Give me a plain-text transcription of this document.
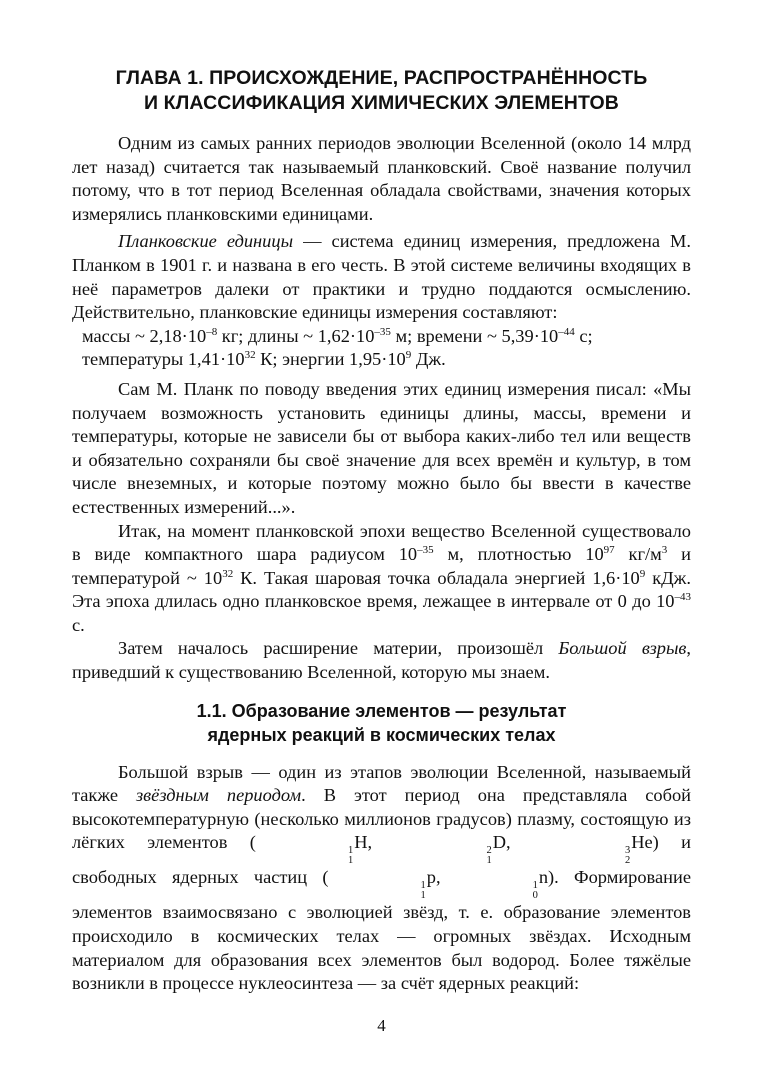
ГЛАВА 1. ПРОИСХОЖДЕНИЕ, РАСПРОСТРАНЁННОСТЬ
И КЛАССИФИКАЦИЯ ХИМИЧЕСКИХ ЭЛЕМЕНТОВ

Одним из самых ранних периодов эволюции Вселенной (около 14 млрд лет назад) считается так называемый планковский. Своё название получил потому, что в тот период Вселенная обладала свойствами, значения которых измерялись планковскими единицами.

Планковские единицы — система единиц измерения, предложена М. Планком в 1901 г. и названа в его честь. В этой системе величины входящих в неё параметров далеки от практики и трудно поддаются осмыслению. Действительно, планковские единицы измерения составляют:

массы ~ $2,18\cdot 10^{-8}$ кг; длины ~ $1,62\cdot 10^{-35}$ м; времени ~ $5,39\cdot 10^{-44}$ с;
температуры $1,41\cdot 10^{32}$ К; энергии $1,95\cdot 10^9$ Дж.

Сам М. Планк по поводу введения этих единиц измерения писал: «Мы получаем возможность установить единицы длины, массы, времени и температуры, которые не зависели бы от выбора каких-либо тел или веществ и обязательно сохраняли бы своё значение для всех времён и культур, в том числе внеземных, и которые поэтому можно было бы ввести в качестве естественных измерений...».

Итак, на момент планковской эпохи вещество Вселенной существовало в виде компактного шара радиусом $10^{-35}$ м, плотностью $10^{97}$ $кг/м^3$ и температурой ~ $10^{32}$ К. Такая шаровая точка обладала энергией $1,6\cdot 10^9$ кДж. Эта эпоха длилась одно планковское время, лежащее в интервале от 0 до $10^{-43}$ с.

Затем началось расширение материи, произошёл Большой взрыв, приведший к существованию Вселенной, которую мы знаем.

1.1. Образование элементов — результат
ядерных реакций в космических телах

Большой взрыв — один из этапов эволюции Вселенной, называемый также звёздным периодом. В этот период она представляла собой высокотемпературную (несколько миллионов градусов) плазму, состоящую из лёгких элементов (	1
1
H,	2
1
D,	3
2
He) и свободных ядерных частиц (	1
1
p,	1
0
n). Формирование элементов взаимосвязано с эволюцией звёзд, т. е. образование элементов происходило в космических телах — огромных звёздах. Исходным материалом для образования всех элементов был водород. Более тяжёлые возникли в процессе нуклеосинтеза — за счёт ядерных реакций:

4
